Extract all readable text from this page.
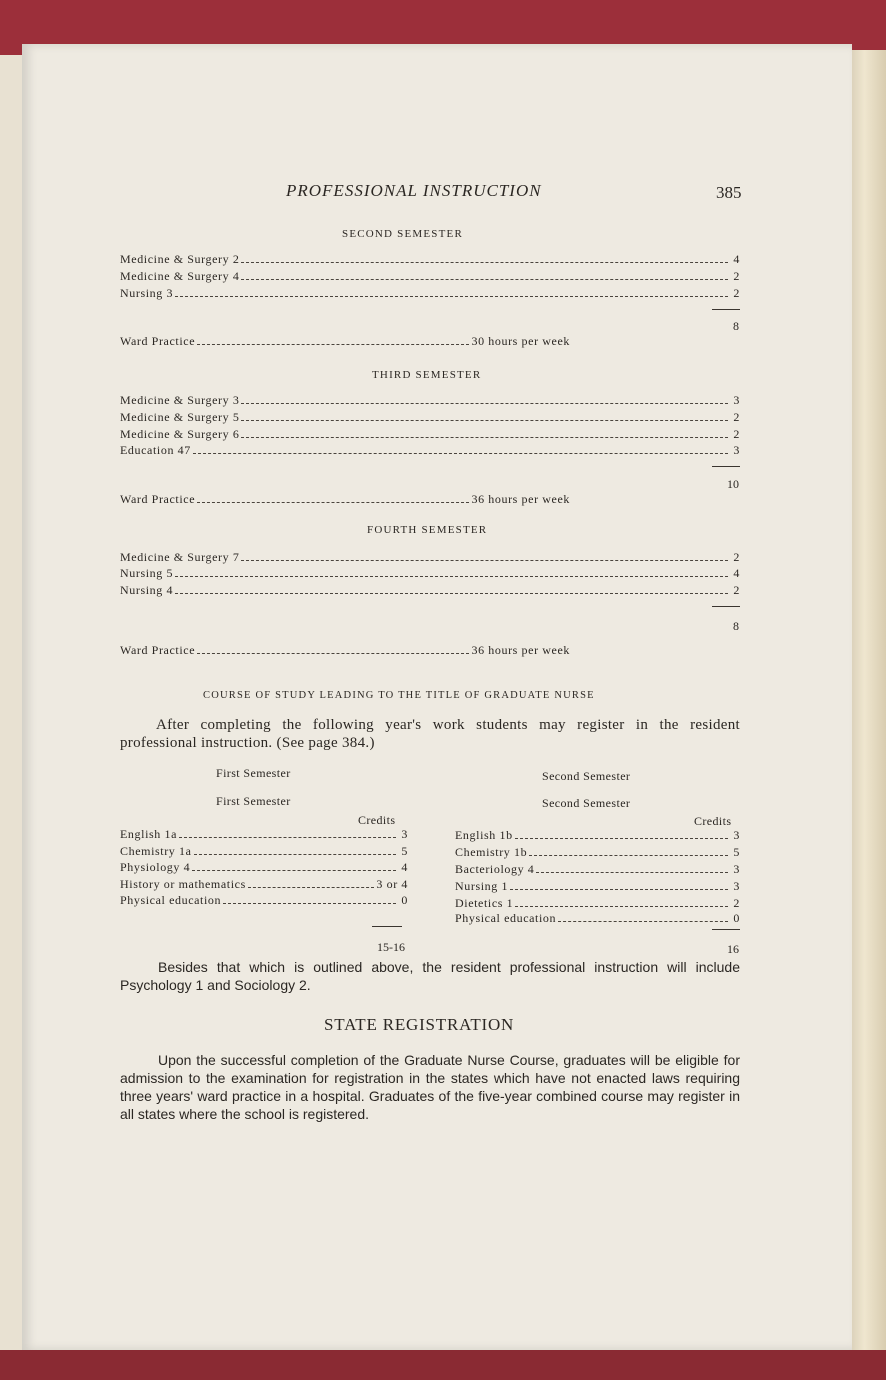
PROFESSIONAL INSTRUCTION	385
SECOND SEMESTER
Medicine & Surgery 2	4
Medicine & Surgery 4	2
Nursing 3	2
8
Ward Practice	30 hours per week
THIRD SEMESTER
Medicine & Surgery 3	3
Medicine & Surgery 5	2
Medicine & Surgery 6	2
Education 47	3
10
Ward Practice	36 hours per week
FOURTH SEMESTER
Medicine & Surgery 7	2
Nursing 5	4
Nursing 4	2
8
Ward Practice	36 hours per week
COURSE OF STUDY LEADING TO THE TITLE OF GRADUATE NURSE
After completing the following year's work students may register in the resident professional instruction. (See page 384.)
First Semester	Second Semester
First Semester	Second Semester
Credits	Credits
English 1a	3
Chemistry 1a	5
Physiology 4	4
History or mathematics	3 or 4
Physical education	0
English 1b	3
Chemistry 1b	5
Bacteriology 4	3
Nursing 1	3
Dietetics 1	2
Physical education	0
15-16	16
Besides that which is outlined above, the resident professional instruction will include Psychology 1 and Sociology 2.
STATE REGISTRATION
Upon the successful completion of the Graduate Nurse Course, graduates will be eligible for admission to the examination for registration in the states which have not enacted laws requiring three years' ward practice in a hospital. Graduates of the five-year combined course may register in all states where the school is registered.
